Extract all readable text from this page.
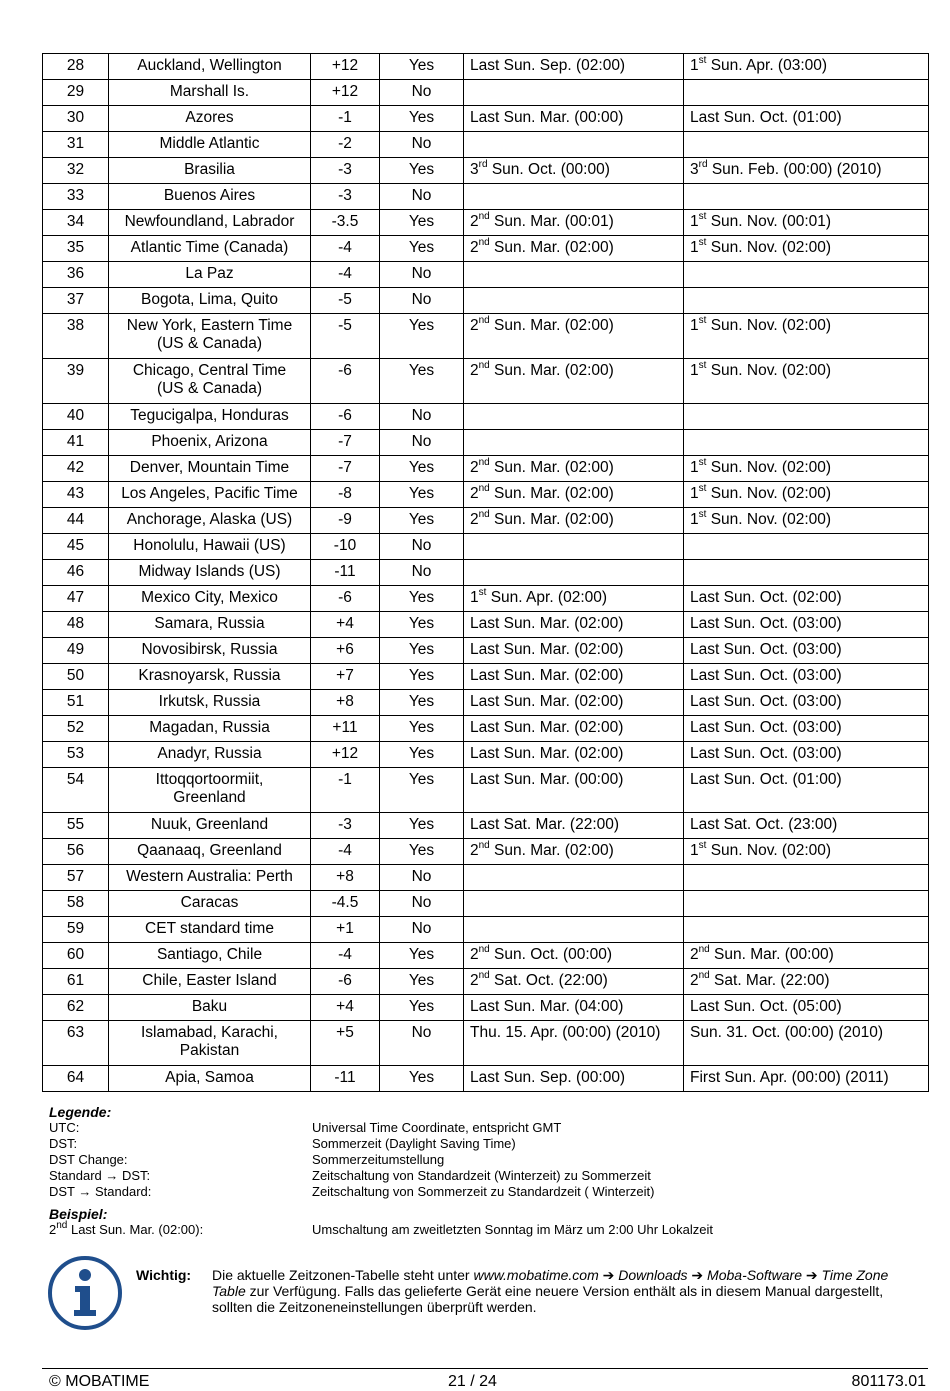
28	Auckland, Wellington	+12	Yes	Last Sun. Sep. (02:00)	1st Sun. Apr. (03:00)
29	Marshall Is.	+12	No		
30	Azores	-1	Yes	Last Sun. Mar. (00:00)	Last Sun. Oct. (01:00)
31	Middle Atlantic	-2	No		
32	Brasilia	-3	Yes	3rd Sun. Oct. (00:00)	3rd Sun. Feb. (00:00) (2010)
33	Buenos Aires	-3	No		
34	Newfoundland, Labrador	-3.5	Yes	2nd Sun. Mar. (00:01)	1st Sun. Nov. (00:01)
35	Atlantic Time (Canada)	-4	Yes	2nd Sun. Mar. (02:00)	1st Sun. Nov. (02:00)
36	La Paz	-4	No		
37	Bogota, Lima, Quito	-5	No		
38	New York, Eastern Time
(US & Canada)	-5	Yes	2nd Sun. Mar. (02:00)	1st Sun. Nov. (02:00)
39	Chicago, Central Time
(US & Canada)	-6	Yes	2nd Sun. Mar. (02:00)	1st Sun. Nov. (02:00)
40	Tegucigalpa, Honduras	-6	No		
41	Phoenix, Arizona	-7	No		
42	Denver, Mountain Time	-7	Yes	2nd Sun. Mar. (02:00)	1st Sun. Nov. (02:00)
43	Los Angeles, Pacific Time	-8	Yes	2nd Sun. Mar. (02:00)	1st Sun. Nov. (02:00)
44	Anchorage, Alaska (US)	-9	Yes	2nd Sun. Mar. (02:00)	1st Sun. Nov. (02:00)
45	Honolulu, Hawaii (US)	-10	No		
46	Midway Islands (US)	-11	No		
47	Mexico City, Mexico	-6	Yes	1st Sun. Apr. (02:00)	Last Sun. Oct. (02:00)
48	Samara, Russia	+4	Yes	Last Sun. Mar. (02:00)	Last Sun. Oct. (03:00)
49	Novosibirsk, Russia	+6	Yes	Last Sun. Mar. (02:00)	Last Sun. Oct. (03:00)
50	Krasnoyarsk, Russia	+7	Yes	Last Sun. Mar. (02:00)	Last Sun. Oct. (03:00)
51	Irkutsk, Russia	+8	Yes	Last Sun. Mar. (02:00)	Last Sun. Oct. (03:00)
52	Magadan, Russia	+11	Yes	Last Sun. Mar. (02:00)	Last Sun. Oct. (03:00)
53	Anadyr, Russia	+12	Yes	Last Sun. Mar. (02:00)	Last Sun. Oct. (03:00)
54	Ittoqqortoormiit,
Greenland	-1	Yes	Last Sun. Mar. (00:00)	Last Sun. Oct. (01:00)
55	Nuuk, Greenland	-3	Yes	Last Sat. Mar. (22:00)	Last Sat. Oct. (23:00)
56	Qaanaaq, Greenland	-4	Yes	2nd Sun. Mar. (02:00)	1st Sun. Nov. (02:00)
57	Western Australia: Perth	+8	No		
58	Caracas	-4.5	No		
59	CET standard time	+1	No		
60	Santiago, Chile	-4	Yes	2nd Sun. Oct. (00:00)	2nd Sun. Mar. (00:00)
61	Chile, Easter Island	-6	Yes	2nd Sat. Oct. (22:00)	2nd Sat. Mar. (22:00)
62	Baku	+4	Yes	Last Sun. Mar. (04:00)	Last Sun. Oct. (05:00)
63	Islamabad, Karachi,
Pakistan	+5	No	Thu. 15. Apr. (00:00) (2010)	Sun. 31. Oct. (00:00) (2010)
64	Apia, Samoa	-11	Yes	Last Sun. Sep. (00:00)	First Sun. Apr. (00:00) (2011)
Legende:
UTC:	Universal Time Coordinate, entspricht GMT
DST:	Sommerzeit (Daylight Saving Time)
DST Change:	Sommerzeitumstellung
Standard → DST:	Zeitschaltung von Standardzeit (Winterzeit) zu Sommerzeit
DST → Standard:	Zeitschaltung von Sommerzeit zu Standardzeit ( Winterzeit)
Beispiel:
2nd Last Sun. Mar. (02:00):	Umschaltung am zweitletzten Sonntag im März um 2:00 Uhr Lokalzeit
Wichtig: Die aktuelle Zeitzonen-Tabelle steht unter www.mobatime.com ➔ Downloads ➔ Moba-Software ➔ Time Zone Table zur Verfügung. Falls das gelieferte Gerät eine neuere Version enthält als in diesem Manual dargestellt, sollten die Zeitzoneneinstellungen überprüft werden.
© MOBATIME	21 / 24	801173.01
